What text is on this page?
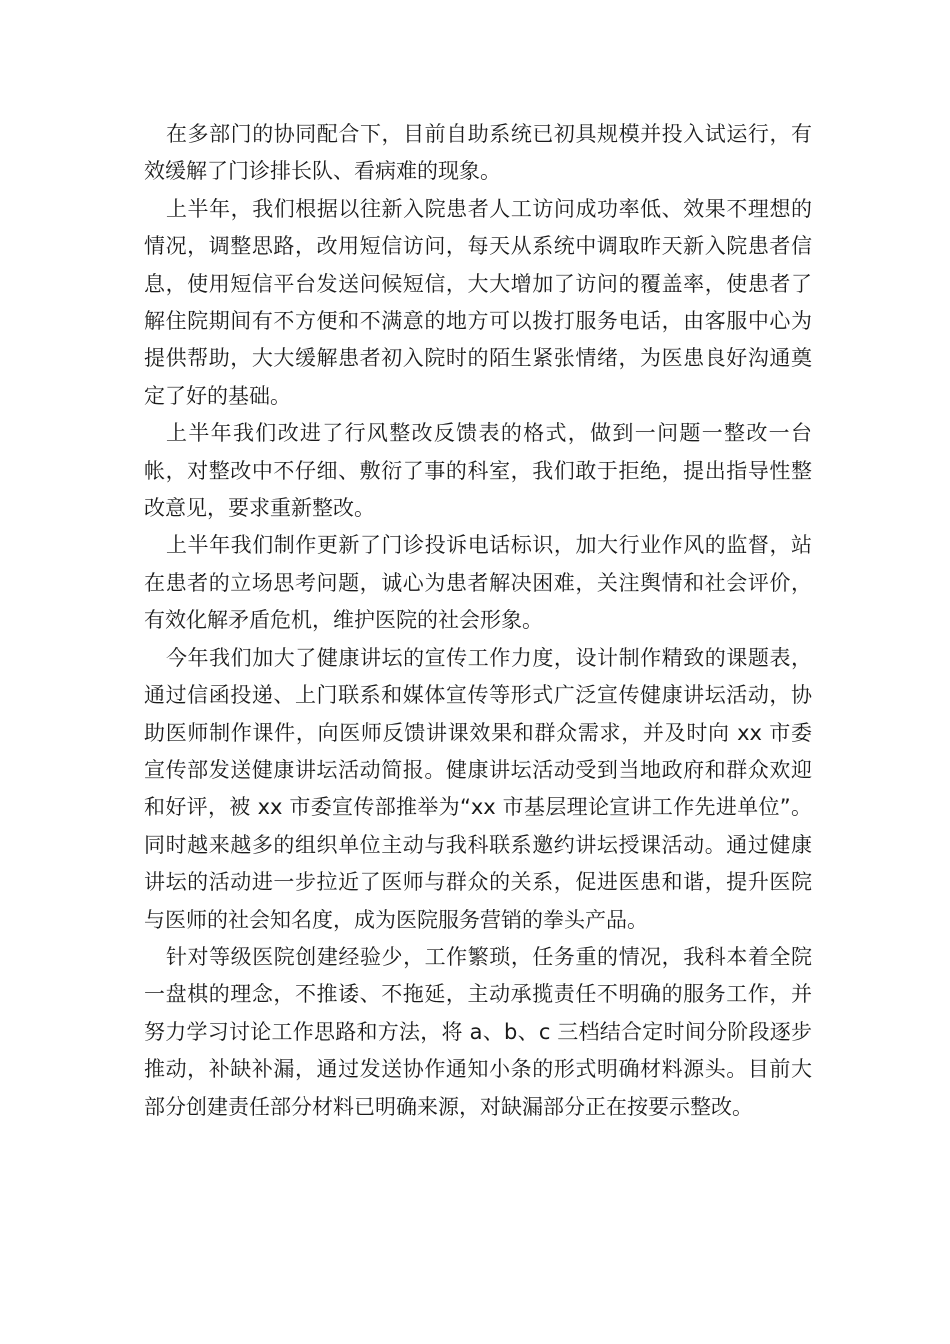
在多部门的协同配合下，目前自助系统已初具规模并投入试运行，有效缓解了门诊排长队、看病难的现象。

上半年，我们根据以往新入院患者人工访问成功率低、效果不理想的情况，调整思路，改用短信访问，每天从系统中调取昨天新入院患者信息，使用短信平台发送问候短信，大大增加了访问的覆盖率，使患者了解住院期间有不方便和不满意的地方可以拨打服务电话，由客服中心为提供帮助，大大缓解患者初入院时的陌生紧张情绪，为医患良好沟通奠定了好的基础。

上半年我们改进了行风整改反馈表的格式，做到一问题一整改一台帐，对整改中不仔细、敷衍了事的科室，我们敢于拒绝，提出指导性整改意见，要求重新整改。

上半年我们制作更新了门诊投诉电话标识，加大行业作风的监督，站在患者的立场思考问题，诚心为患者解决困难，关注舆情和社会评价，有效化解矛盾危机，维护医院的社会形象。

今年我们加大了健康讲坛的宣传工作力度，设计制作精致的课题表，通过信函投递、上门联系和媒体宣传等形式广泛宣传健康讲坛活动，协助医师制作课件，向医师反馈讲课效果和群众需求，并及时向 xx 市委宣传部发送健康讲坛活动简报。健康讲坛活动受到当地政府和群众欢迎和好评，被 xx 市委宣传部推举为“xx 市基层理论宣讲工作先进单位”。同时越来越多的组织单位主动与我科联系邀约讲坛授课活动。通过健康讲坛的活动进一步拉近了医师与群众的关系，促进医患和谐，提升医院与医师的社会知名度，成为医院服务营销的拳头产品。

针对等级医院创建经验少，工作繁琐，任务重的情况，我科本着全院一盘棋的理念，不推诿、不拖延，主动承揽责任不明确的服务工作，并努力学习讨论工作思路和方法，将 a、b、c 三档结合定时间分阶段逐步推动，补缺补漏，通过发送协作通知小条的形式明确材料源头。目前大部分创建责任部分材料已明确来源，对缺漏部分正在按要示整改。
